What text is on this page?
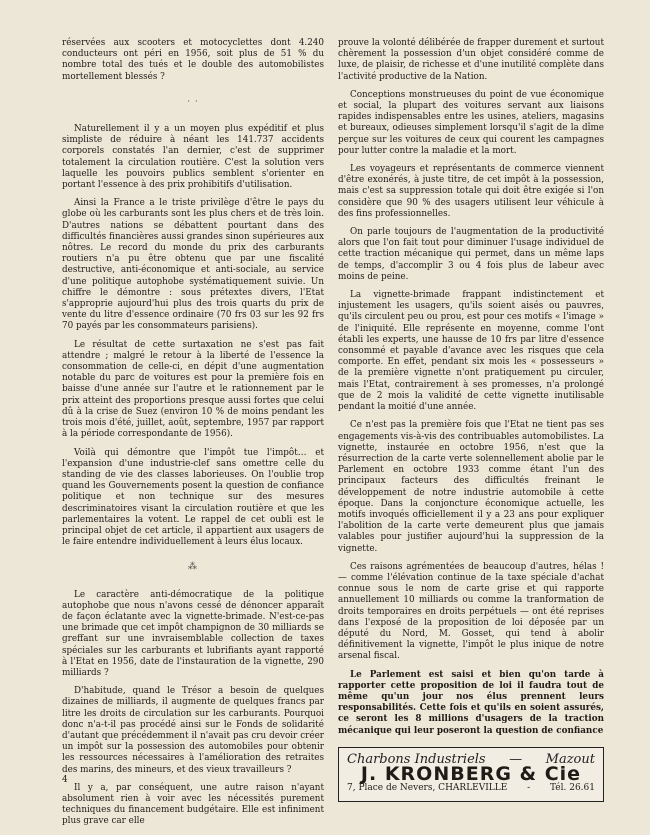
réservées aux scooters et motocyclettes dont 4.240 conducteurs ont péri en 1956, soit plus de 51 % du nombre total des tués et le double des automobilistes mortellement blessés ?

· ·

Naturellement il y a un moyen plus expéditif et plus simpliste de réduire à néant les 141.737 accidents corporels constatés l'an dernier, c'est de supprimer totalement la circulation routière. C'est la solution vers laquelle les pouvoirs publics semblent s'orienter en portant l'essence à des prix prohibitifs d'utilisation.

Ainsi la France a le triste privilège d'être le pays du globe où les carburants sont les plus chers et de très loin. D'autres nations se débattent pourtant dans des difficultés financières aussi grandes sinon supérieures aux nôtres. Le record du monde du prix des carburants routiers n'a pu être obtenu que par une fiscalité destructive, anti-économique et anti-sociale, au service d'une politique autophobe systématiquement suivie. Un chiffre le démontre : sous prétextes divers, l'Etat s'approprie aujourd'hui plus des trois quarts du prix de vente du litre d'essence ordinaire (70 frs 03 sur les 92 frs 70 payés par les consommateurs parisiens).

Le résultat de cette surtaxation ne s'est pas fait attendre ; malgré le retour à la liberté de l'essence la consommation de celle-ci, en dépit d'une augmentation notable du parc de voitures est pour la première fois en baisse d'une année sur l'autre et le rationnement par le prix atteint des proportions presque aussi fortes que celui dû à la crise de Suez (environ 10 % de moins pendant les trois mois d'été, juillet, août, septembre, 1957 par rapport à la période correspondante de 1956).

Voilà qui démontre que l'impôt tue l'impôt… et l'expansion d'une industrie-clef sans omettre celle du standing de vie des classes laborieuses. On l'oublie trop quand les Gouvernements posent la question de confiance politique et non technique sur des mesures descriminatoires visant la circulation routière et que les parlementaires la votent. Le rappel de cet oubli est le principal objet de cet article, il appartient aux usagers de le faire entendre individuellement à leurs élus locaux.

⁂

Le caractère anti-démocratique de la politique autophobe que nous n'avons cessé de dénoncer apparaît de façon éclatante avec la vignette-brimade. N'est-ce-pas une brimade que cet impôt champignon de 30 milliards se greffant sur une invraisemblable collection de taxes spéciales sur les carburants et lubrifiants ayant rapporté à l'Etat en 1956, date de l'instauration de la vignette, 290 milliards ?

D'habitude, quand le Trésor a besoin de quelques dizaines de milliards, il augmente de quelques francs par litre les droits de circulation sur les carburants. Pourquoi donc n'a-t-il pas procédé ainsi sur le Fonds de solidarité d'autant que précédemment il n'avait pas cru devoir créer un impôt sur la possession des automobiles pour obtenir les ressources nécessaires à l'amélioration des retraites des marins, des mineurs, et des vieux travailleurs ?

Il y a, par conséquent, une autre raison n'ayant absolument rien à voir avec les nécessités purement techniques du financement budgétaire. Elle est infiniment plus grave car elle

prouve la volonté délibérée de frapper durement et surtout chèrement la possession d'un objet considéré comme de luxe, de plaisir, de richesse et d'une inutilité complète dans l'activité productive de la Nation.

Conceptions monstrueuses du point de vue économique et social, la plupart des voitures servant aux liaisons rapides indispensables entre les usines, ateliers, magasins et bureaux, odieuses simplement lorsqu'il s'agit de la dîme perçue sur les voitures de ceux qui courent les campagnes pour lutter contre la maladie et la mort.

Les voyageurs et représentants de commerce viennent d'être exonérés, à juste titre, de cet impôt à la possession, mais c'est sa suppression totale qui doit être exigée si l'on considère que 90 % des usagers utilisent leur véhicule à des fins professionnelles.

On parle toujours de l'augmentation de la productivité alors que l'on fait tout pour diminuer l'usage individuel de cette traction mécanique qui permet, dans un même laps de temps, d'accomplir 3 ou 4 fois plus de labeur avec moins de peine.

La vignette-brimade frappant indistinctement et injustement les usagers, qu'ils soient aisés ou pauvres, qu'ils circulent peu ou prou, est pour ces motifs « l'image » de l'iniquité. Elle représente en moyenne, comme l'ont établi les experts, une hausse de 10 frs par litre d'essence consommé et payable d'avance avec les risques que cela comporte. En effet, pendant six mois les « possesseurs » de la première vignette n'ont pratiquement pu circuler, mais l'Etat, contrairement à ses promesses, n'a prolongé que de 2 mois la validité de cette vignette inutilisable pendant la moitié d'une année.

Ce n'est pas la première fois que l'Etat ne tient pas ses engagements vis-à-vis des contribuables automobilistes. La vignette, instaurée en octobre 1956, n'est que la résurrection de la carte verte solennellement abolie par le Parlement en octobre 1933 comme étant l'un des principaux facteurs des difficultés freinant le développement de notre industrie automobile à cette époque. Dans la conjoncture économique actuelle, les motifs invoqués officiellement il y a 23 ans pour expliquer l'abolition de la carte verte demeurent plus que jamais valables pour justifier aujourd'hui la suppression de la vignette.

Ces raisons agrémentées de beaucoup d'autres, hélas ! — comme l'élévation continue de la taxe spéciale d'achat connue sous le nom de carte grise et qui rapporte annuellement 10 milliards ou comme la tranformation de droits temporaires en droits perpétuels — ont été reprises dans l'exposé de la proposition de loi déposée par un député du Nord, M. Gosset, qui tend à abolir définitivement la vignette, l'impôt le plus inique de notre arsenal fiscal.

Le Parlement est saisi et bien qu'on tarde à rapporter cette proposition de loi il faudra tout de même qu'un jour nos élus prennent leurs responsabilités. Cette fois et qu'ils en soient assurés, ce seront les 8 millions d'usagers de la traction mécanique qui leur poseront la question de confiance

Charbons Industriels — Mazout
J. KRONBERG & Cie
7, Place de Nevers, CHARLEVILLE - Tél. 26.61
4
